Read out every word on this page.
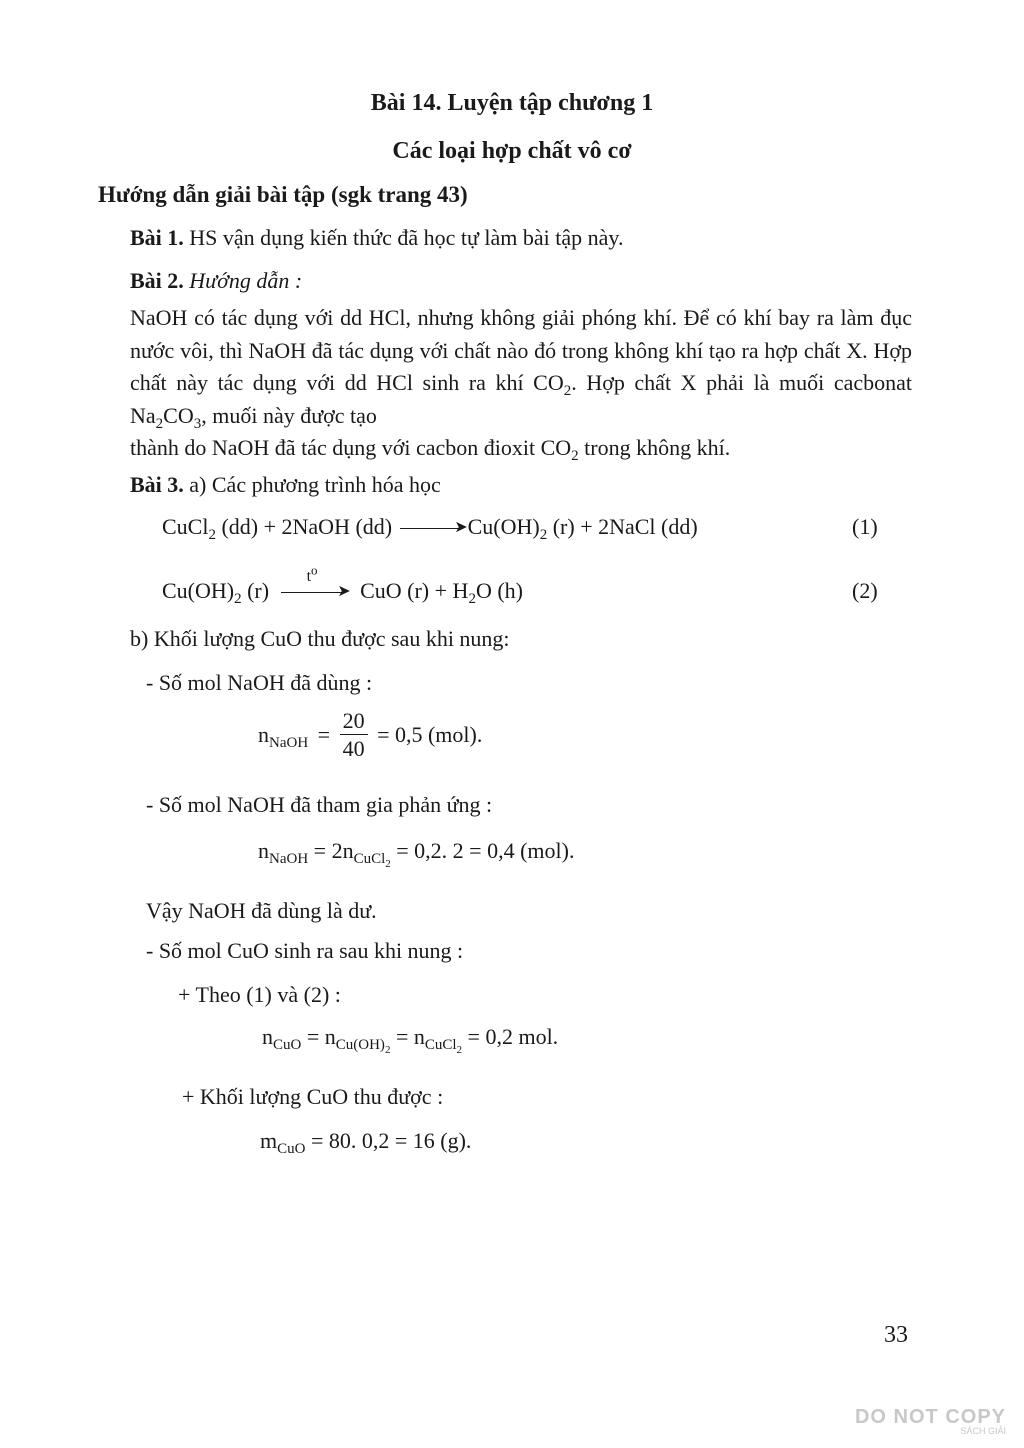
Bài 14. Luyện tập chương 1
Các loại hợp chất vô cơ
Hướng dẫn giải bài tập (sgk trang 43)
Bài 1. HS vận dụng kiến thức đã học tự làm bài tập này.
Bài 2. Hướng dẫn :
NaOH có tác dụng với dd HCl, nhưng không giải phóng khí. Để có khí bay ra làm đục nước vôi, thì NaOH đã tác dụng với chất nào đó trong không khí tạo ra hợp chất X. Hợp chất này tác dụng với dd HCl sinh ra khí $CO_2$. Hợp chất X phải là muối cacbonat $Na_2CO_3$, muối này được tạo
thành do NaOH đã tác dụng với cacbon đioxit $CO_2$ trong không khí.
Bài 3. a) Các phương trình hóa học
CuCl$_2$ (dd) + 2NaOH (dd)	➤ $Cu(OH)_2$ (r) + 2NaCl (dd)	(1)
$Cu(OH)_2$ (r)
$t^o$
➤ CuO $(r) + H_2O$ (h)	(2)
b) Khối lượng CuO thu được sau khi nung:
- Số mol NaOH đã dùng :
$n_{NaOH} = \frac{20}{40} = 0,5$ (mol).
- Số mol NaOH đã tham gia phản ứng :
$n_{NaOH} = 2n_{CuCl_2} = 0,2$. 2 = 0,4 (mol).
Vậy NaOH đã dùng là dư.
- Số mol CuO sinh ra sau khi nung :
+ Theo (1) và (2) :
$n_{CuO} = n_{Cu(OH)_2} = n_{CuCl_2} = 0,2$ mol.
+ Khối lượng CuO thu được :
$m_{CuO} = 80$. 0,2 = 16 (g).
33
DO NOT COPY
SÁCH GIẢI
